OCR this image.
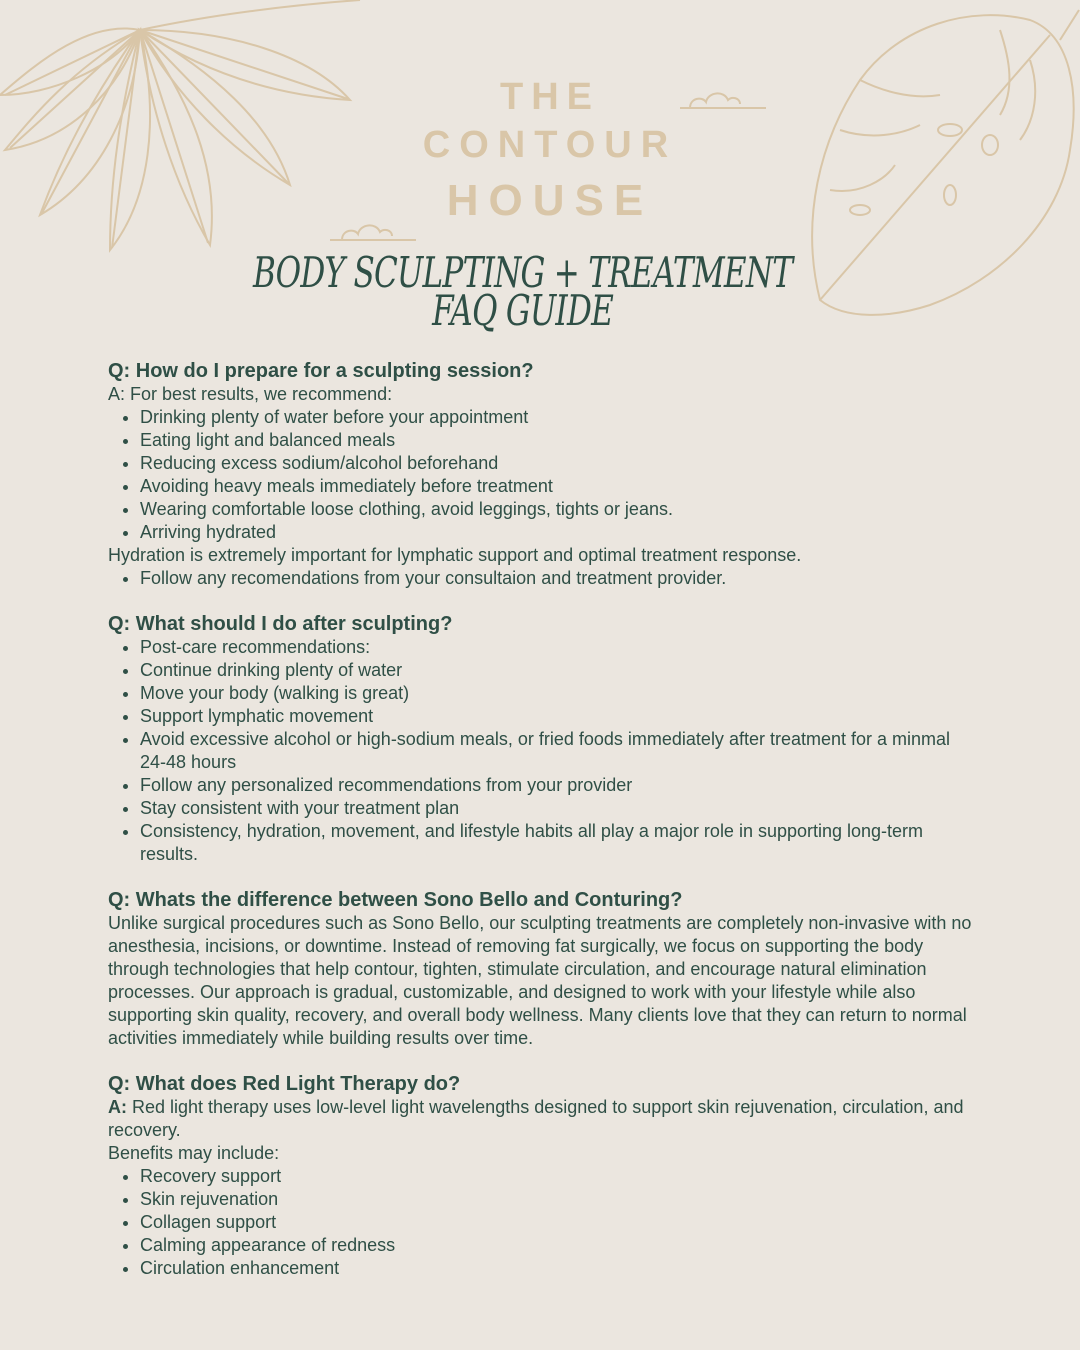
THE
CONTOUR
HOUSE
BODY SCULPTING + TREATMENT
FAQ GUIDE

Q: How do I prepare for a sculpting session?

A: For best results, we recommend:

• Drinking plenty of water before your appointment
• Eating light and balanced meals
• Reducing excess sodium/alcohol beforehand
• Avoiding heavy meals immediately before treatment
• Wearing comfortable loose clothing, avoid leggings, tights or jeans.
• Arriving hydrated

Hydration is extremely important for lymphatic support and optimal treatment response.

• Follow any recomendations from your consultaion and treatment provider.

Q: What should I do after sculpting?

• Post-care recommendations:
• Continue drinking plenty of water
• Move your body (walking is great)
• Support lymphatic movement
• Avoid excessive alcohol or high-sodium meals, or fried foods immediately after treatment for a minmal 24-48 hours
• Follow any personalized recommendations from your provider
• Stay consistent with your treatment plan
• Consistency, hydration, movement, and lifestyle habits all play a major role in supporting long-term results.

Q: Whats the difference between Sono Bello and Conturing?

Unlike surgical procedures such as Sono Bello, our sculpting treatments are completely non-invasive with no anesthesia, incisions, or downtime. Instead of removing fat surgically, we focus on supporting the body through technologies that help contour, tighten, stimulate circulation, and encourage natural elimination processes. Our approach is gradual, customizable, and designed to work with your lifestyle while also supporting skin quality, recovery, and overall body wellness. Many clients love that they can return to normal activities immediately while building results over time.

Q: What does Red Light Therapy do?

A: Red light therapy uses low-level light wavelengths designed to support skin rejuvenation, circulation, and recovery.

Benefits may include:

• Recovery support
• Skin rejuvenation
• Collagen support
• Calming appearance of redness
• Circulation enhancement
